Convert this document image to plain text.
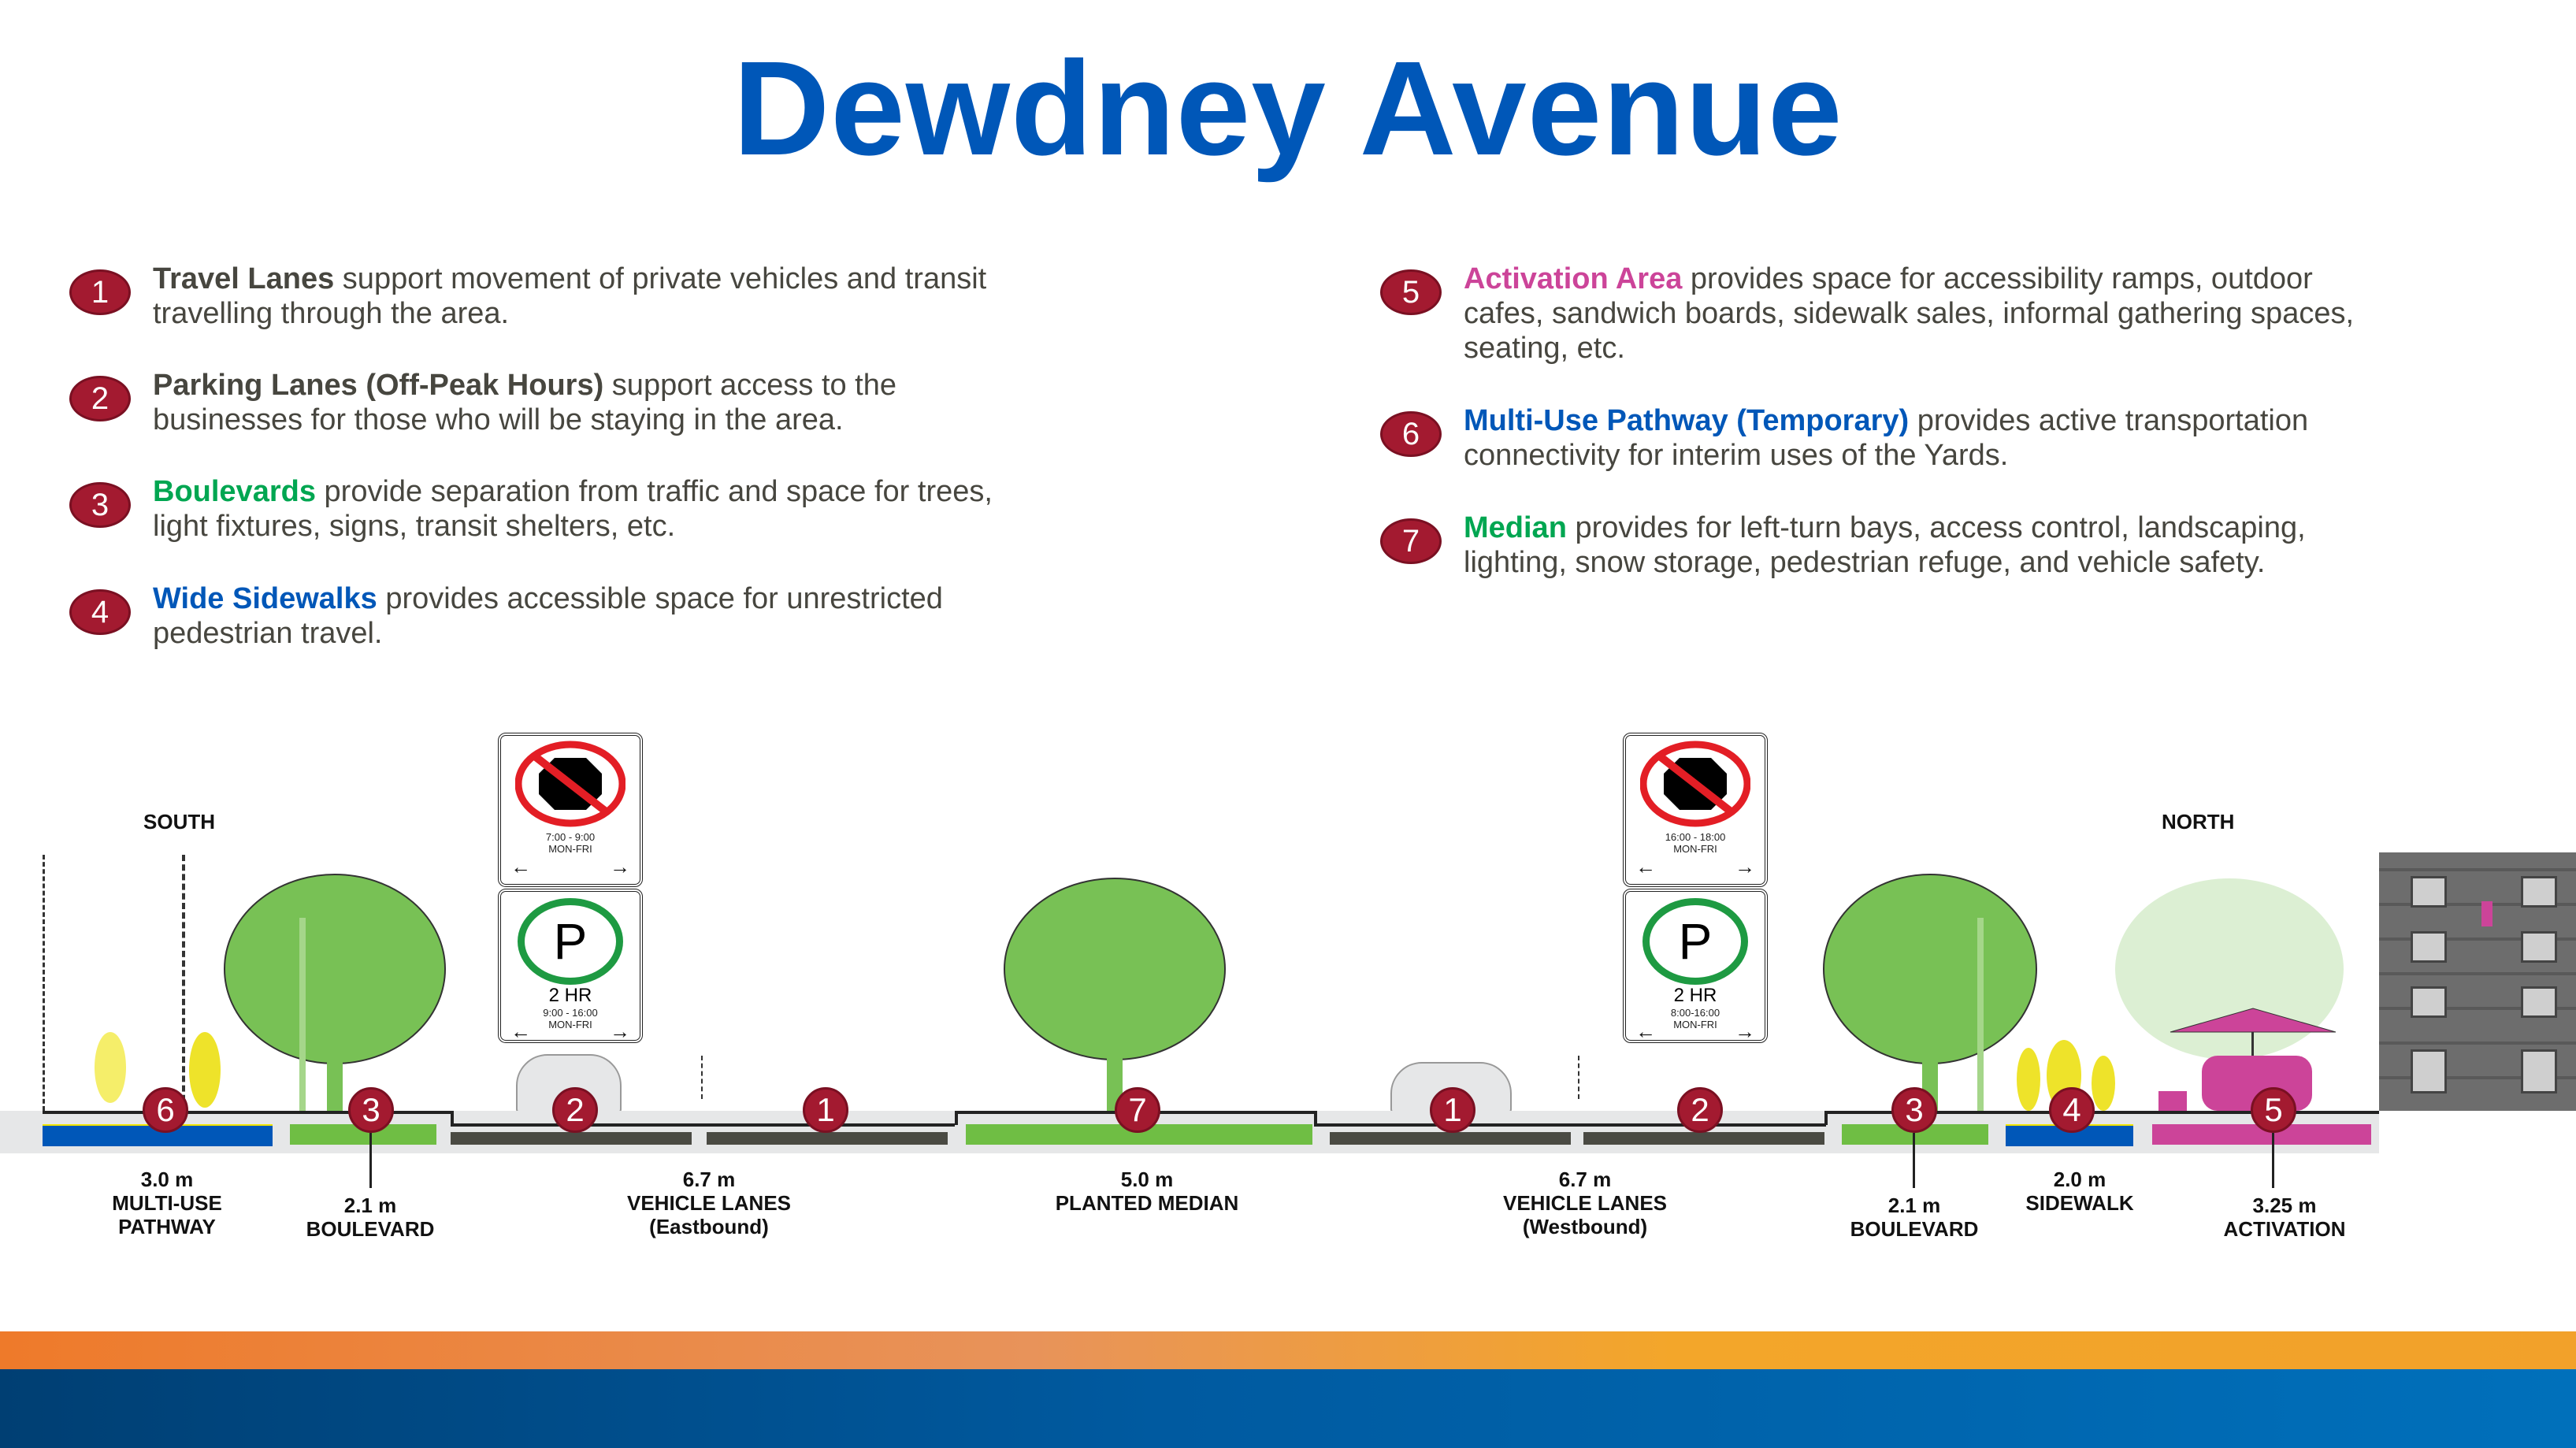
Dewdney Avenue
1	Travel Lanes support movement of private vehicles and transit
travelling through the area.
2	Parking Lanes (Off-Peak Hours) support access to the
businesses for those who will be staying in the area.
3	Boulevards provide separation from traffic and space for trees,
light fixtures, signs, transit shelters, etc.
4	Wide Sidewalks provides accessible space for unrestricted
pedestrian travel.
5	Activation Area provides space for accessibility ramps, outdoor
cafes, sandwich boards, sidewalk sales, informal gathering spaces,
seating, etc.
6	Multi-Use Pathway (Temporary) provides active transportation
connectivity for interim uses of the Yards.
7	Median provides for left-turn bays, access control, landscaping,
lighting, snow storage, pedestrian refuge, and vehicle safety.
SOUTH	NORTH
7:00 - 9:00
MON-FRI
←	→
P
2 HR
9:00 - 16:00
MON-FRI
←	→
16:00 - 18:00
MON-FRI
←	→
P
2 HR
8:00-16:00
MON-FRI
←	→
6	3	2	1	7	1	2	3	4	5
3.0 m
MULTI-USE
PATHWAY
2.1 m
BOULEVARD
6.7 m
VEHICLE LANES
(Eastbound)
5.0 m
PLANTED MEDIAN
6.7 m
VEHICLE LANES
(Westbound)
2.1 m
BOULEVARD
2.0 m
SIDEWALK	3.25 m
ACTIVATION
